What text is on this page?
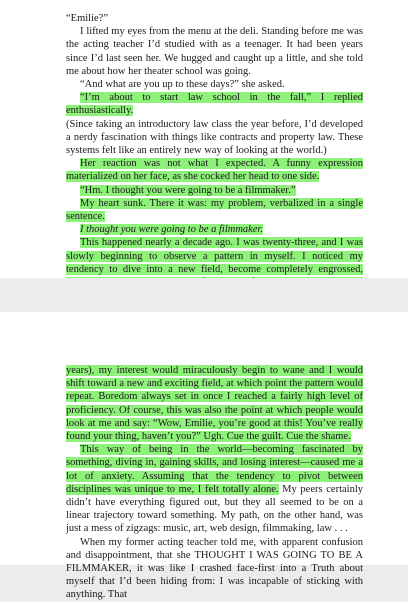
“Emilie?”

I lifted my eyes from the menu at the deli. Standing before me was the acting teacher I’d studied with as a teenager. It had been years since I’d last seen her. We hugged and caught up a little, and she told me about how her theater school was going.

“And what are you up to these days?” she asked.

“I’m about to start law school in the fall,” I replied enthusiastically.

(Since taking an introductory law class the year before, I’d developed a nerdy fascination with things like contracts and property law. These systems felt like an entirely new way of looking at the world.)

Her reaction was not what I expected. A funny expression materialized on her face, as she cocked her head to one side.

“Hm. I thought you were going to be a filmmaker.”

My heart sunk. There it was: my problem, verbalized in a single sentence.

I thought you were going to be a filmmaker.

This happened nearly a decade ago. I was twenty-three, and I was slowly beginning to observe a pattern in myself. I noticed my tendency to dive into a new field, become completely engrossed,

years), my interest would miraculously begin to wane and I would shift toward a new and exciting field, at which point the pattern would repeat. Boredom always set in once I reached a fairly high level of proficiency. Of course, this was also the point at which people would look at me and say: “Wow, Emilie, you’re good at this! You’ve really found your thing, haven’t you?” Ugh. Cue the guilt. Cue the shame.

This way of being in the world—becoming fascinated by something, diving in, gaining skills, and losing interest—caused me a lot of anxiety. Assuming that the tendency to pivot between disciplines was unique to me, I felt totally alone. My peers certainly didn’t have everything figured out, but they all seemed to be on a linear trajectory toward something. My path, on the other hand, was just a mess of zigzags: music, art, web design, filmmaking, law . . .

When my former acting teacher told me, with apparent confusion and disappointment, that she THOUGHT I WAS GOING TO BE A FILMMAKER, it was like I crashed face-first into a Truth about myself that I’d been hiding from: I was incapable of sticking with anything. That
